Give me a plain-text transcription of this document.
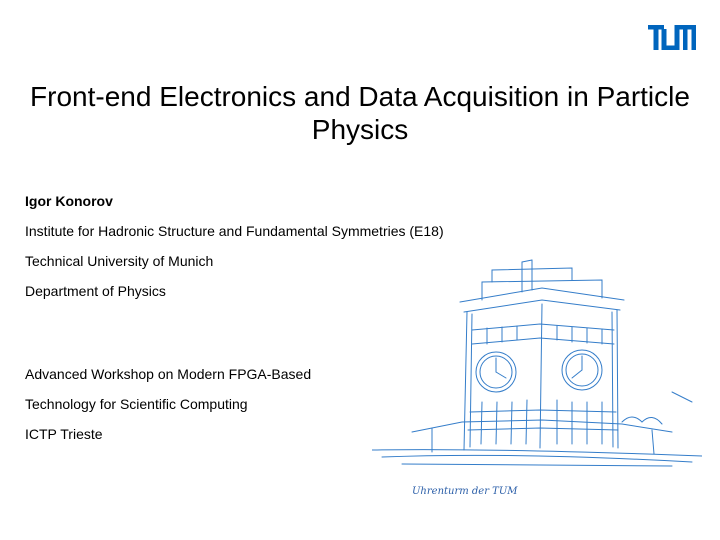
Front-end Electronics and Data Acquisition in Particle Physics
Igor Konorov
Institute for Hadronic Structure and Fundamental Symmetries (E18)
Technical University of Munich
Department of Physics
Advanced Workshop on Modern FPGA-Based
Technology for Scientific Computing
ICTP Trieste
Uhrenturm der TUM
